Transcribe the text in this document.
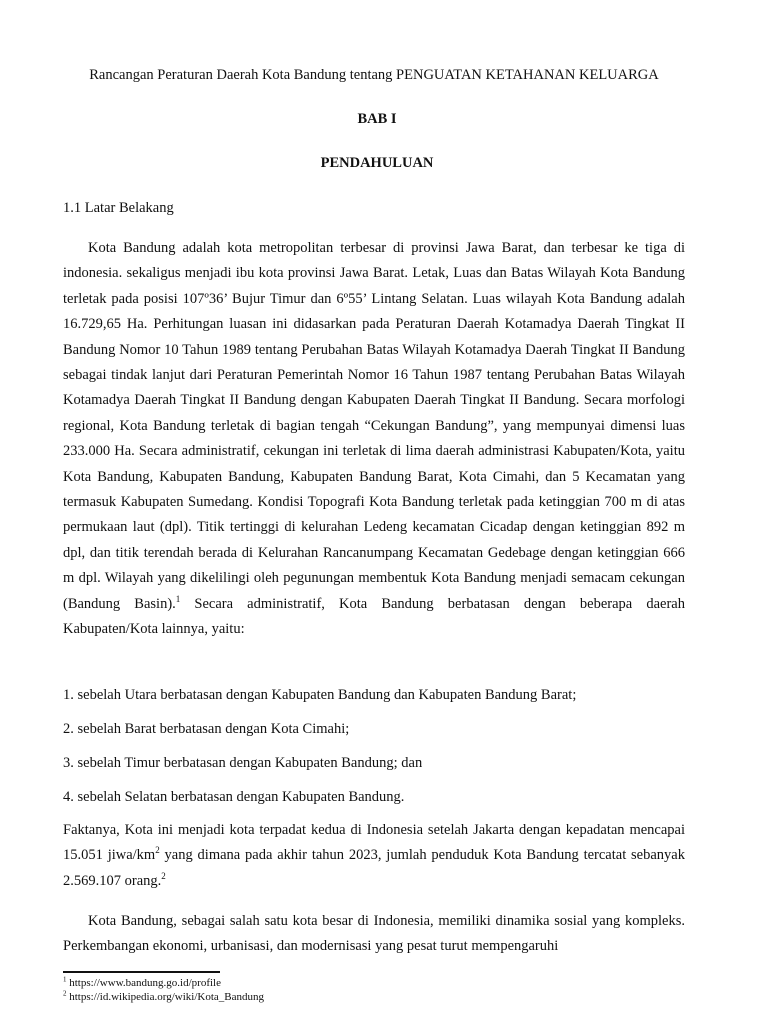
Rancangan Peraturan Daerah Kota Bandung tentang PENGUATAN KETAHANAN KELUARGA
BAB I
PENDAHULUAN
1.1 Latar Belakang

Kota Bandung adalah kota metropolitan terbesar di provinsi Jawa Barat, dan terbesar ke tiga di indonesia. sekaligus menjadi ibu kota provinsi Jawa Barat. Letak, Luas dan Batas Wilayah Kota Bandung terletak pada posisi 107º36’ Bujur Timur dan 6º55’ Lintang Selatan. Luas wilayah Kota Bandung adalah 16.729,65 Ha. Perhitungan luasan ini didasarkan pada Peraturan Daerah Kotamadya Daerah Tingkat II Bandung Nomor 10 Tahun 1989 tentang Perubahan Batas Wilayah Kotamadya Daerah Tingkat II Bandung sebagai tindak lanjut dari Peraturan Pemerintah Nomor 16 Tahun 1987 tentang Perubahan Batas Wilayah Kotamadya Daerah Tingkat II Bandung dengan Kabupaten Daerah Tingkat II Bandung. Secara morfologi regional, Kota Bandung terletak di bagian tengah “Cekungan Bandung”, yang mempunyai dimensi luas 233.000 Ha. Secara administratif, cekungan ini terletak di lima daerah administrasi Kabupaten/Kota, yaitu Kota Bandung, Kabupaten Bandung, Kabupaten Bandung Barat, Kota Cimahi, dan 5 Kecamatan yang termasuk Kabupaten Sumedang. Kondisi Topografi Kota Bandung terletak pada ketinggian 700 m di atas permukaan laut (dpl). Titik tertinggi di kelurahan Ledeng kecamatan Cicadap dengan ketinggian 892 m dpl, dan titik terendah berada di Kelurahan Rancanumpang Kecamatan Gedebage dengan ketinggian 666 m dpl. Wilayah yang dikelilingi oleh pegunungan membentuk Kota Bandung menjadi semacam cekungan (Bandung Basin).$^1$ Secara administratif, Kota Bandung berbatasan dengan beberapa daerah Kabupaten/Kota lainnya, yaitu:

1. sebelah Utara berbatasan dengan Kabupaten Bandung dan Kabupaten Bandung Barat;
2. sebelah Barat berbatasan dengan Kota Cimahi;
3. sebelah Timur berbatasan dengan Kabupaten Bandung; dan
4. sebelah Selatan berbatasan dengan Kabupaten Bandung.

Faktanya, Kota ini menjadi kota terpadat kedua di Indonesia setelah Jakarta dengan kepadatan mencapai 15.051 jiwa/$km^2$ yang dimana pada akhir tahun 2023, jumlah penduduk Kota Bandung tercatat sebanyak 2.569.107 orang.$^2$

Kota Bandung, sebagai salah satu kota besar di Indonesia, memiliki dinamika sosial yang kompleks. Perkembangan ekonomi, urbanisasi, dan modernisasi yang pesat turut mempengaruhi

$^1$ https://www.bandung.go.id/profile
$^2$ https://id.wikipedia.org/wiki/Kota_Bandung
